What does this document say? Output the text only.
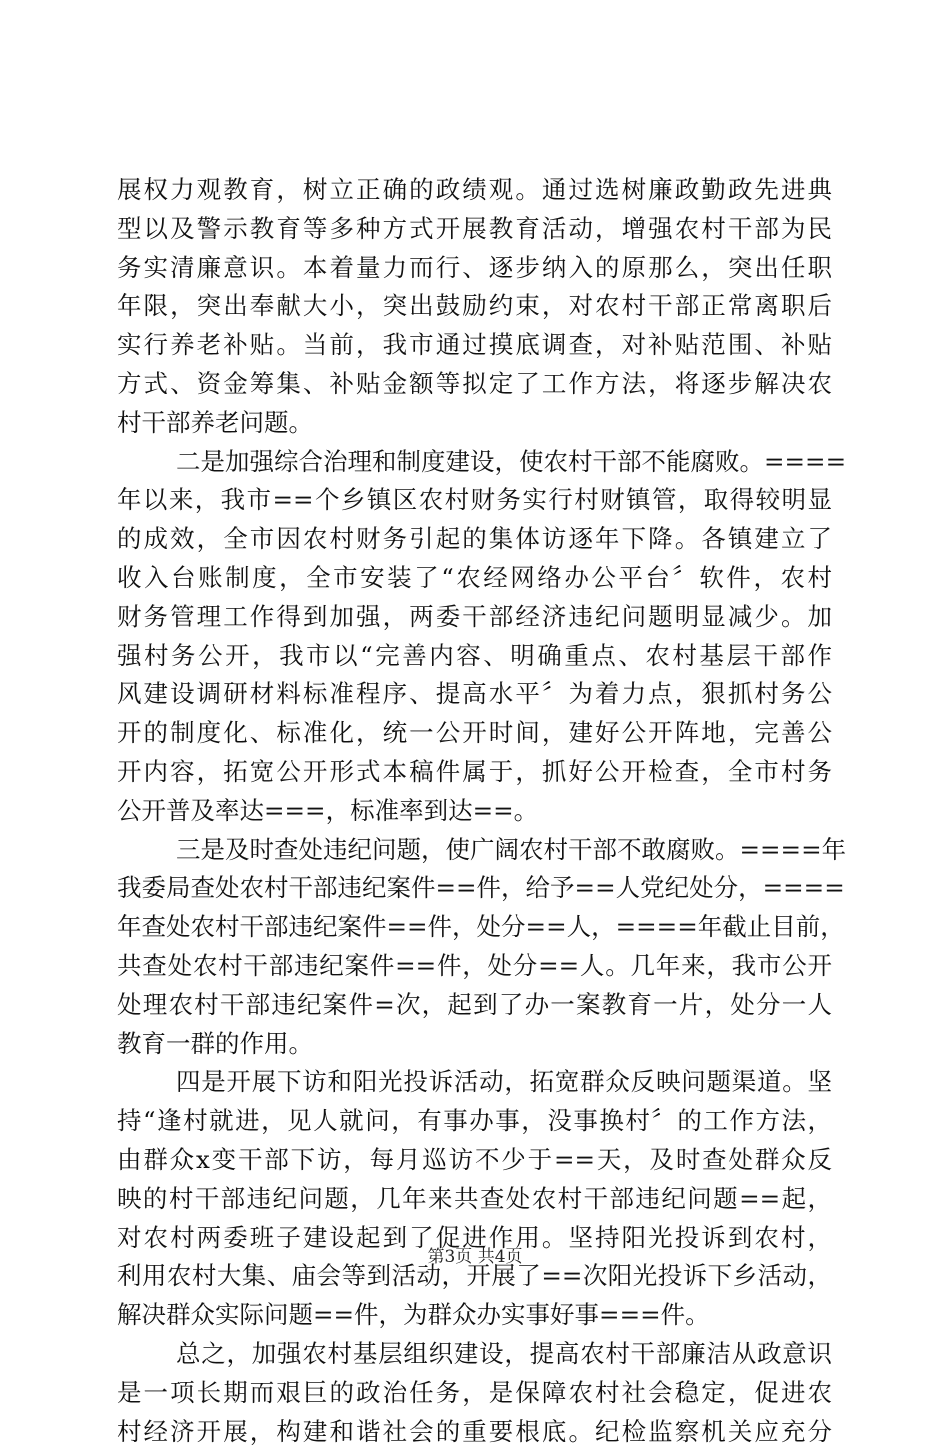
展权力观教育，树立正确的政绩观。通过选树廉政勤政先进典
型以及警示教育等多种方式开展教育活动，增强农村干部为民
务实清廉意识。本着量力而行、逐步纳入的原那么，突出任职
年限，突出奉献大小，突出鼓励约束，对农村干部正常离职后
实行养老补贴。当前，我市通过摸底调查，对补贴范围、补贴
方式、资金筹集、补贴金额等拟定了工作方法，将逐步解决农
村干部养老问题。
二是加强综合治理和制度建设，使农村干部不能腐败。====
年以来，我市==个乡镇区农村财务实行村财镇管，取得较明显
的成效，全市因农村财务引起的集体访逐年下降。各镇建立了
收入台账制度，全市安装了“农经网络办公平台〞软件，农村
财务管理工作得到加强，两委干部经济违纪问题明显减少。加
强村务公开，我市以“完善内容、明确重点、农村基层干部作
风建设调研材料标准程序、提高水平〞为着力点，狠抓村务公
开的制度化、标准化，统一公开时间，建好公开阵地，完善公
开内容，拓宽公开形式本稿件属于，抓好公开检查，全市村务
公开普及率达===，标准率到达==。
三是及时查处违纪问题，使广阔农村干部不敢腐败。====年
我委局查处农村干部违纪案件==件，给予==人党纪处分，====
年查处农村干部违纪案件==件，处分==人，====年截止目前，
共查处农村干部违纪案件==件，处分==人。几年来，我市公开
处理农村干部违纪案件=次，起到了办一案教育一片，处分一人
教育一群的作用。
四是开展下访和阳光投诉活动，拓宽群众反映问题渠道。坚
持“逢村就进，见人就问，有事办事，没事换村〞的工作方法，
由群众x变干部下访，每月巡访不少于==天，及时查处群众反
映的村干部违纪问题，几年来共查处农村干部违纪问题==起，
对农村两委班子建设起到了促进作用。坚持阳光投诉到农村，
利用农村大集、庙会等到活动，开展了==次阳光投诉下乡活动，
解决群众实际问题==件，为群众办实事好事===件。
总之，加强农村基层组织建设，提高农村干部廉洁从政意识
是一项长期而艰巨的政治任务，是保障农村社会稳定，促进农
村经济开展，构建和谐社会的重要根底。纪检监察机关应充分
第3页 共4页
